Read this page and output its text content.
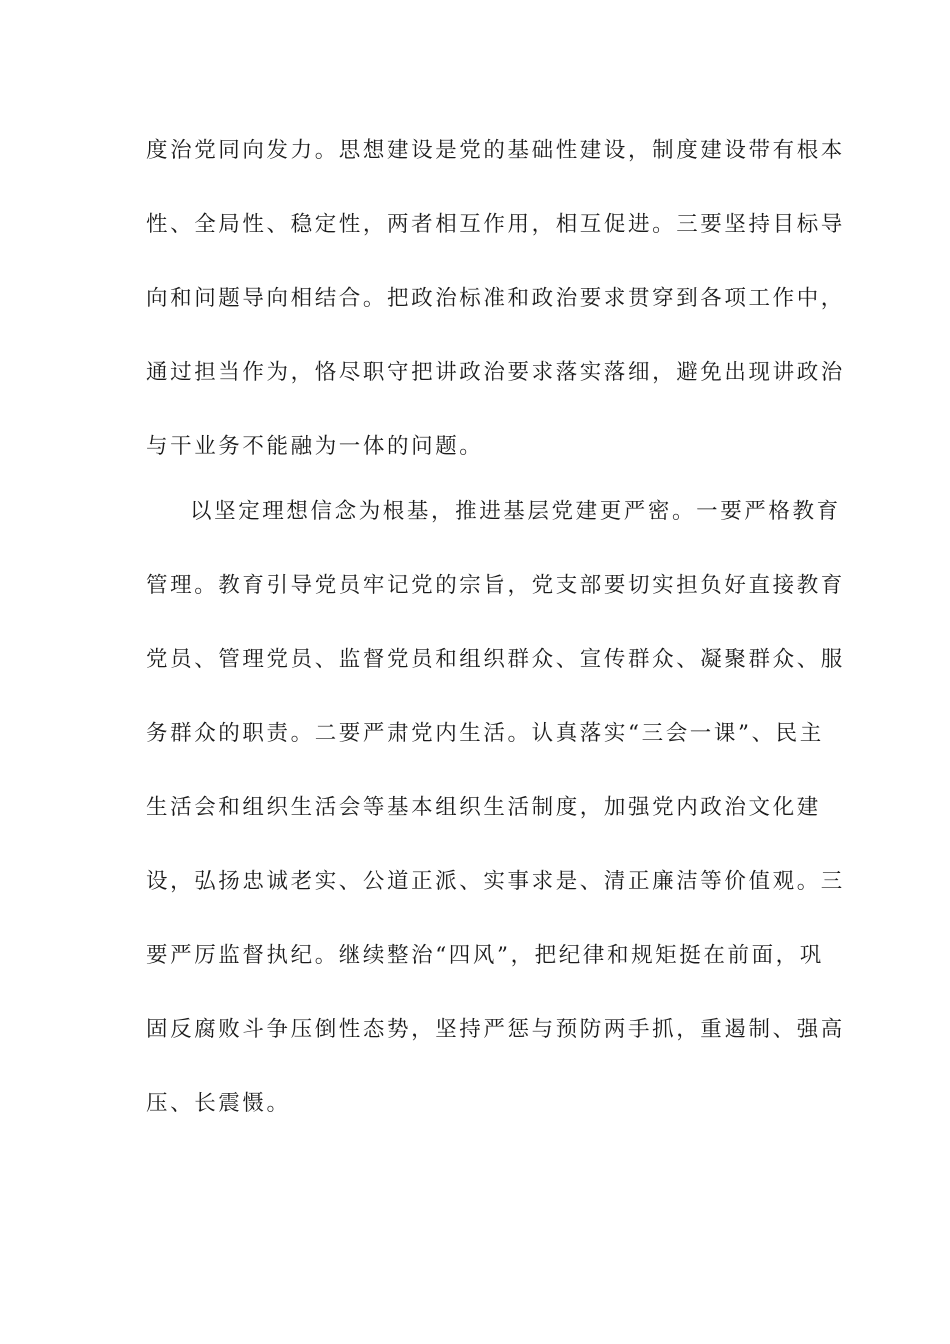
度治党同向发力。思想建设是党的基础性建设，制度建设带有根本
性、全局性、稳定性，两者相互作用，相互促进。三要坚持目标导
向和问题导向相结合。把政治标准和政治要求贯穿到各项工作中，
通过担当作为，恪尽职守把讲政治要求落实落细，避免出现讲政治
与干业务不能融为一体的问题。
以坚定理想信念为根基，推进基层党建更严密。一要严格教育
管理。教育引导党员牢记党的宗旨，党支部要切实担负好直接教育
党员、管理党员、监督党员和组织群众、宣传群众、凝聚群众、服
务群众的职责。二要严肃党内生活。认真落实“三会一课”、民主
生活会和组织生活会等基本组织生活制度，加强党内政治文化建
设，弘扬忠诚老实、公道正派、实事求是、清正廉洁等价值观。三
要严厉监督执纪。继续整治“四风”，把纪律和规矩挺在前面，巩
固反腐败斗争压倒性态势，坚持严惩与预防两手抓，重遏制、强高
压、长震慑。
